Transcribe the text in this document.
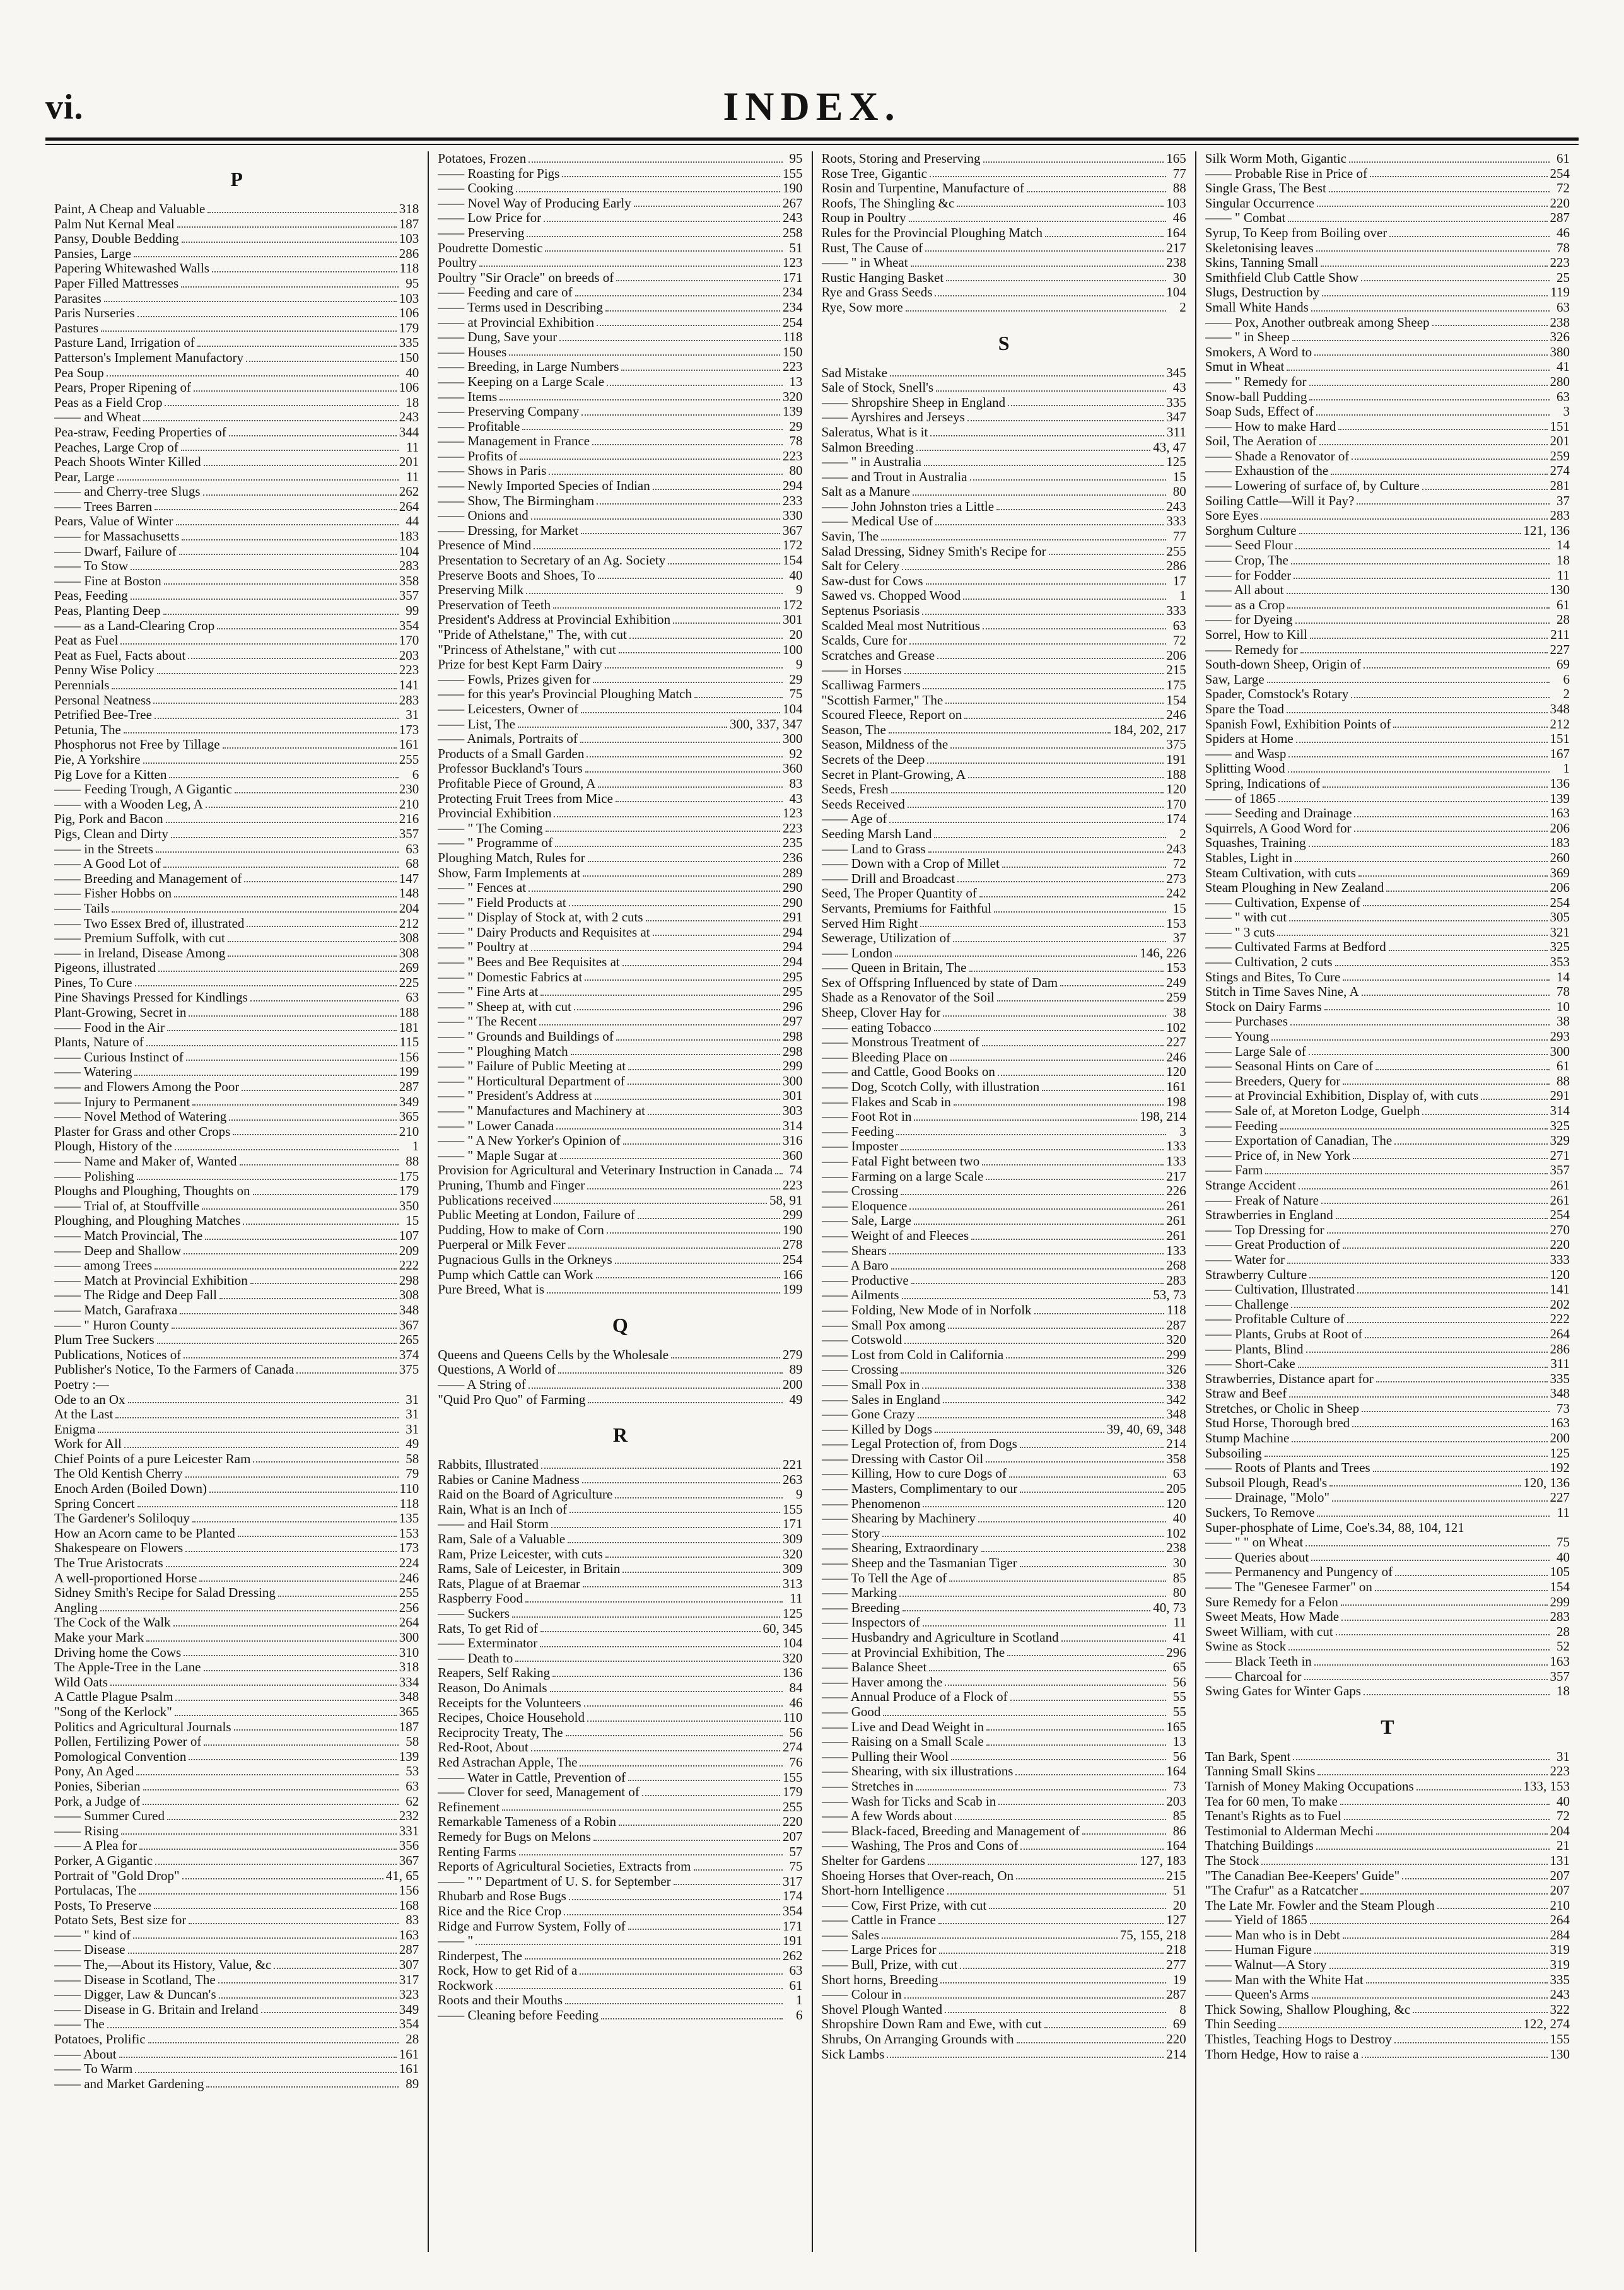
vi.	INDEX.
P
Paint, A Cheap and Valuable	318
Palm Nut Kernal Meal	187
Pansy, Double Bedding	103
Pansies, Large	286
Papering Whitewashed Walls	118
Paper Filled Mattresses	95
Parasites	103
Paris Nurseries	106
Pastures	179
Pasture Land, Irrigation of	335
Patterson's Implement Manufactory	150
Pea Soup	40
Pears, Proper Ripening of	106
Peas as a Field Crop	18
—— and Wheat	243
Pea-straw, Feeding Properties of	344
Peaches, Large Crop of	11
Peach Shoots Winter Killed	201
Pear, Large	11
—— and Cherry-tree Slugs	262
—— Trees Barren	264
Pears, Value of Winter	44
—— for Massachusetts	183
—— Dwarf, Failure of	104
—— To Stow	283
—— Fine at Boston	358
Peas, Feeding	357
Peas, Planting Deep	99
—— as a Land-Clearing Crop	354
Peat as Fuel	170
Peat as Fuel, Facts about	203
Penny Wise Policy	223
Perennials	141
Personal Neatness	283
Petrified Bee-Tree	31
Petunia, The	173
Phosphorus not Free by Tillage	161
Pie, A Yorkshire	255
Pig Love for a Kitten	6
—— Feeding Trough, A Gigantic	230
—— with a Wooden Leg, A	210
Pig, Pork and Bacon	216
Pigs, Clean and Dirty	357
—— in the Streets	63
—— A Good Lot of	68
—— Breeding and Management of	147
—— Fisher Hobbs on	148
—— Tails	204
—— Two Essex Bred of, illustrated	212
—— Premium Suffolk, with cut	308
—— in Ireland, Disease Among	308
Pigeons, illustrated	269
Pines, To Cure	225
Pine Shavings Pressed for Kindlings	63
Plant-Growing, Secret in	188
—— Food in the Air	181
Plants, Nature of	115
—— Curious Instinct of	156
—— Watering	199
—— and Flowers Among the Poor	287
—— Injury to Permanent	349
—— Novel Method of Watering	365
Plaster for Grass and other Crops	210
Plough, History of the	1
—— Name and Maker of, Wanted	88
—— Polishing	175
Ploughs and Ploughing, Thoughts on	179
—— Trial of, at Stouffville	350
Ploughing, and Ploughing Matches	15
—— Match Provincial, The	107
—— Deep and Shallow	209
—— among Trees	222
—— Match at Provincial Exhibition	298
—— The Ridge and Deep Fall	308
—— Match, Garafraxa	348
—— " Huron County	367
Plum Tree Suckers	265
Publications, Notices of	374
Publisher's Notice, To the Farmers of Canada	375
Poetry :—
Ode to an Ox	31
At the Last	31
Enigma	31
Work for All	49
Chief Points of a pure Leicester Ram	58
The Old Kentish Cherry	79
Enoch Arden (Boiled Down)	110
Spring Concert	118
The Gardener's Soliloquy	135
How an Acorn came to be Planted	153
Shakespeare on Flowers	173
The True Aristocrats	224
A well-proportioned Horse	246
Sidney Smith's Recipe for Salad Dressing	255
Angling	256
The Cock of the Walk	264
Make your Mark	300
Driving home the Cows	310
The Apple-Tree in the Lane	318
Wild Oats	334
A Cattle Plague Psalm	348
"Song of the Kerlock"	365
Politics and Agricultural Journals	187
Pollen, Fertilizing Power of	58
Pomological Convention	139
Pony, An Aged	53
Ponies, Siberian	63
Pork, a Judge of	62
—— Summer Cured	232
—— Rising	331
—— A Plea for	356
Porker, A Gigantic	367
Portrait of "Gold Drop"	41, 65
Portulacas, The	156
Posts, To Preserve	168
Potato Sets, Best size for	83
—— " kind of	163
—— Disease	287
—— The,—About its History, Value, &c	307
—— Disease in Scotland, The	317
—— Digger, Law & Duncan's	323
—— Disease in G. Britain and Ireland	349
—— The	354
Potatoes, Prolific	28
—— About	161
—— To Warm	161
—— and Market Gardening	89
Potatoes, Frozen	95
—— Roasting for Pigs	155
—— Cooking	190
—— Novel Way of Producing Early	267
—— Low Price for	243
—— Preserving	258
Poudrette Domestic	51
Poultry	123
Poultry "Sir Oracle" on breeds of	171
—— Feeding and care of	234
—— Terms used in Describing	234
—— at Provincial Exhibition	254
—— Dung, Save your	118
—— Houses	150
—— Breeding, in Large Numbers	223
—— Keeping on a Large Scale	13
—— Items	320
—— Preserving Company	139
—— Profitable	29
—— Management in France	78
—— Profits of	223
—— Shows in Paris	80
—— Newly Imported Species of Indian	294
—— Show, The Birmingham	233
—— Onions and	330
—— Dressing, for Market	367
Presence of Mind	172
Presentation to Secretary of an Ag. Society	154
Preserve Boots and Shoes, To	40
Preserving Milk	9
Preservation of Teeth	172
President's Address at Provincial Exhibition	301
"Pride of Athelstane," The, with cut	20
"Princess of Athelstane," with cut	100
Prize for best Kept Farm Dairy	9
—— Fowls, Prizes given for	29
—— for this year's Provincial Ploughing Match	75
—— Leicesters, Owner of	104
—— List, The	300, 337, 347
—— Animals, Portraits of	300
Products of a Small Garden	92
Professor Buckland's Tours	360
Profitable Piece of Ground, A	83
Protecting Fruit Trees from Mice	43
Provincial Exhibition	123
—— " The Coming	223
—— " Programme of	235
Ploughing Match, Rules for	236
Show, Farm Implements at	289
—— " Fences at	290
—— " Field Products at	290
—— " Display of Stock at, with 2 cuts	291
—— " Dairy Products and Requisites at	294
—— " Poultry at	294
—— " Bees and Bee Requisites at	294
—— " Domestic Fabrics at	295
—— " Fine Arts at	295
—— " Sheep at, with cut	296
—— " The Recent	297
—— " Grounds and Buildings of	298
—— " Ploughing Match	298
—— " Failure of Public Meeting at	299
—— " Horticultural Department of	300
—— " President's Address at	301
—— " Manufactures and Machinery at	303
—— " Lower Canada	314
—— " A New Yorker's Opinion of	316
—— " Maple Sugar at	360
Provision for Agricultural and Veterinary Instruction in Canada	74
Pruning, Thumb and Finger	223
Publications received	58, 91
Public Meeting at London, Failure of	299
Pudding, How to make of Corn	190
Puerperal or Milk Fever	278
Pugnacious Gulls in the Orkneys	254
Pump which Cattle can Work	166
Pure Breed, What is	199
Q
Queens and Queens Cells by the Wholesale	279
Questions, A World of	89
—— A String of	200
"Quid Pro Quo" of Farming	49
R
Rabbits, Illustrated	221
Rabies or Canine Madness	263
Raid on the Board of Agriculture	9
Rain, What is an Inch of	155
—— and Hail Storm	171
Ram, Sale of a Valuable	309
Ram, Prize Leicester, with cuts	320
Rams, Sale of Leicester, in Britain	309
Rats, Plague of at Braemar	313
Raspberry Food	11
—— Suckers	125
Rats, To get Rid of	60, 345
—— Exterminator	104
—— Death to	320
Reapers, Self Raking	136
Reason, Do Animals	84
Receipts for the Volunteers	46
Recipes, Choice Household	110
Reciprocity Treaty, The	56
Red-Root, About	274
Red Astrachan Apple, The	76
—— Water in Cattle, Prevention of	155
—— Clover for seed, Management of	179
Refinement	255
Remarkable Tameness of a Robin	220
Remedy for Bugs on Melons	207
Renting Farms	57
Reports of Agricultural Societies, Extracts from	75
—— " " Department of U. S. for September	317
Rhubarb and Rose Bugs	174
Rice and the Rice Crop	354
Ridge and Furrow System, Folly of	171
—— "	191
Rinderpest, The	262
Rock, How to get Rid of a	63
Rockwork	61
Roots and their Mouths	1
—— Cleaning before Feeding	6
Roots, Storing and Preserving	165
Rose Tree, Gigantic	77
Rosin and Turpentine, Manufacture of	88
Roofs, The Shingling &c	103
Roup in Poultry	46
Rules for the Provincial Ploughing Match	164
Rust, The Cause of	217
—— " in Wheat	238
Rustic Hanging Basket	30
Rye and Grass Seeds	104
Rye, Sow more	2
S
Sad Mistake	345
Sale of Stock, Snell's	43
—— Shropshire Sheep in England	335
—— Ayrshires and Jerseys	347
Saleratus, What is it	311
Salmon Breeding	43, 47
—— " in Australia	125
—— and Trout in Australia	15
Salt as a Manure	80
—— John Johnston tries a Little	243
—— Medical Use of	333
Savin, The	77
Salad Dressing, Sidney Smith's Recipe for	255
Salt for Celery	286
Saw-dust for Cows	17
Sawed vs. Chopped Wood	1
Septenus Psoriasis	333
Scalded Meal most Nutritious	63
Scalds, Cure for	72
Scratches and Grease	206
—— in Horses	215
Scalliwag Farmers	175
"Scottish Farmer," The	154
Scoured Fleece, Report on	246
Season, The	184, 202, 217
Season, Mildness of the	375
Secrets of the Deep	191
Secret in Plant-Growing, A	188
Seeds, Fresh	120
Seeds Received	170
—— Age of	174
Seeding Marsh Land	2
—— Land to Grass	243
—— Down with a Crop of Millet	72
—— Drill and Broadcast	273
Seed, The Proper Quantity of	242
Servants, Premiums for Faithful	15
Served Him Right	153
Sewerage, Utilization of	37
—— London	146, 226
—— Queen in Britain, The	153
Sex of Offspring Influenced by state of Dam	249
Shade as a Renovator of the Soil	259
Sheep, Clover Hay for	38
—— eating Tobacco	102
—— Monstrous Treatment of	227
—— Bleeding Place on	246
—— and Cattle, Good Books on	120
—— Dog, Scotch Colly, with illustration	161
—— Flakes and Scab in	198
—— Foot Rot in	198, 214
—— Feeding	3
—— Imposter	133
—— Fatal Fight between two	133
—— Farming on a large Scale	217
—— Crossing	226
—— Eloquence	261
—— Sale, Large	261
—— Weight of and Fleeces	261
—— Shears	133
—— A Baro	268
—— Productive	283
—— Ailments	53, 73
—— Folding, New Mode of in Norfolk	118
—— Small Pox among	287
—— Cotswold	320
—— Lost from Cold in California	299
—— Crossing	326
—— Small Pox in	338
—— Sales in England	342
—— Gone Crazy	348
—— Killed by Dogs	39, 40, 69, 348
—— Legal Protection of, from Dogs	214
—— Dressing with Castor Oil	358
—— Killing, How to cure Dogs of	63
—— Masters, Complimentary to our	205
—— Phenomenon	120
—— Shearing by Machinery	40
—— Story	102
—— Shearing, Extraordinary	238
—— Sheep and the Tasmanian Tiger	30
—— To Tell the Age of	85
—— Marking	80
—— Breeding	40, 73
—— Inspectors of	11
—— Husbandry and Agriculture in Scotland	41
—— at Provincial Exhibition, The	296
—— Balance Sheet	65
—— Haver among the	56
—— Annual Produce of a Flock of	55
—— Good	55
—— Live and Dead Weight in	165
—— Raising on a Small Scale	13
—— Pulling their Wool	56
—— Shearing, with six illustrations	164
—— Stretches in	73
—— Wash for Ticks and Scab in	203
—— A few Words about	85
—— Black-faced, Breeding and Management of	86
—— Washing, The Pros and Cons of	164
Shelter for Gardens	127, 183
Shoeing Horses that Over-reach, On	215
Short-horn Intelligence	51
—— Cow, First Prize, with cut	20
—— Cattle in France	127
—— Sales	75, 155, 218
—— Large Prices for	218
—— Bull, Prize, with cut	277
Short horns, Breeding	19
—— Colour in	287
Shovel Plough Wanted	8
Shropshire Down Ram and Ewe, with cut	69
Shrubs, On Arranging Grounds with	220
Sick Lambs	214
Silk Worm Moth, Gigantic	61
—— Probable Rise in Price of	254
Single Grass, The Best	72
Singular Occurrence	220
—— " Combat	287
Syrup, To Keep from Boiling over	46
Skeletonising leaves	78
Skins, Tanning Small	223
Smithfield Club Cattle Show	25
Slugs, Destruction by	119
Small White Hands	63
—— Pox, Another outbreak among Sheep	238
—— " in Sheep	326
Smokers, A Word to	380
Smut in Wheat	41
—— " Remedy for	280
Snow-ball Pudding	63
Soap Suds, Effect of	3
—— How to make Hard	151
Soil, The Aeration of	201
—— Shade a Renovator of	259
—— Exhaustion of the	274
—— Lowering of surface of, by Culture	281
Soiling Cattle—Will it Pay?	37
Sore Eyes	283
Sorghum Culture	121, 136
—— Seed Flour	14
—— Crop, The	18
—— for Fodder	11
—— All about	130
—— as a Crop	61
—— for Dyeing	28
Sorrel, How to Kill	211
—— Remedy for	227
South-down Sheep, Origin of	69
Saw, Large	6
Spader, Comstock's Rotary	2
Spare the Toad	348
Spanish Fowl, Exhibition Points of	212
Spiders at Home	151
—— and Wasp	167
Splitting Wood	1
Spring, Indications of	136
—— of 1865	139
—— Seeding and Drainage	163
Squirrels, A Good Word for	206
Squashes, Training	183
Stables, Light in	260
Steam Cultivation, with cuts	369
Steam Ploughing in New Zealand	206
—— Cultivation, Expense of	254
—— " with cut	305
—— " 3 cuts	321
—— Cultivated Farms at Bedford	325
—— Cultivation, 2 cuts	353
Stings and Bites, To Cure	14
Stitch in Time Saves Nine, A	78
Stock on Dairy Farms	10
—— Purchases	38
—— Young	293
—— Large Sale of	300
—— Seasonal Hints on Care of	61
—— Breeders, Query for	88
—— at Provincial Exhibition, Display of, with cuts	291
—— Sale of, at Moreton Lodge, Guelph	314
—— Feeding	325
—— Exportation of Canadian, The	329
—— Price of, in New York	271
—— Farm	357
Strange Accident	261
—— Freak of Nature	261
Strawberries in England	254
—— Top Dressing for	270
—— Great Production of	220
—— Water for	333
Strawberry Culture	120
—— Cultivation, Illustrated	141
—— Challenge	202
—— Profitable Culture of	222
—— Plants, Grubs at Root of	264
—— Plants, Blind	286
—— Short-Cake	311
Strawberries, Distance apart for	335
Straw and Beef	348
Stretches, or Cholic in Sheep	73
Stud Horse, Thorough bred	163
Stump Machine	200
Subsoiling	125
—— Roots of Plants and Trees	192
Subsoil Plough, Read's	120, 136
—— Drainage, "Molo"	227
Suckers, To Remove	11
Super-phosphate of Lime, Coe's.34, 88, 104, 121
—— " " on Wheat	75
—— Queries about	40
—— Permanency and Pungency of	105
—— The "Genesee Farmer" on	154
Sure Remedy for a Felon	299
Sweet Meats, How Made	283
Sweet William, with cut	28
Swine as Stock	52
—— Black Teeth in	163
—— Charcoal for	357
Swing Gates for Winter Gaps	18
T
Tan Bark, Spent	31
Tanning Small Skins	223
Tarnish of Money Making Occupations	133, 153
Tea for 60 men, To make	40
Tenant's Rights as to Fuel	72
Testimonial to Alderman Mechi	204
Thatching Buildings	21
The Stock	131
"The Canadian Bee-Keepers' Guide"	207
"The Crafur" as a Ratcatcher	207
The Late Mr. Fowler and the Steam Plough	210
—— Yield of 1865	264
—— Man who is in Debt	284
—— Human Figure	319
—— Walnut—A Story	319
—— Man with the White Hat	335
—— Queen's Arms	243
Thick Sowing, Shallow Ploughing, &c	322
Thin Seeding	122, 274
Thistles, Teaching Hogs to Destroy	155
Thorn Hedge, How to raise a	130
